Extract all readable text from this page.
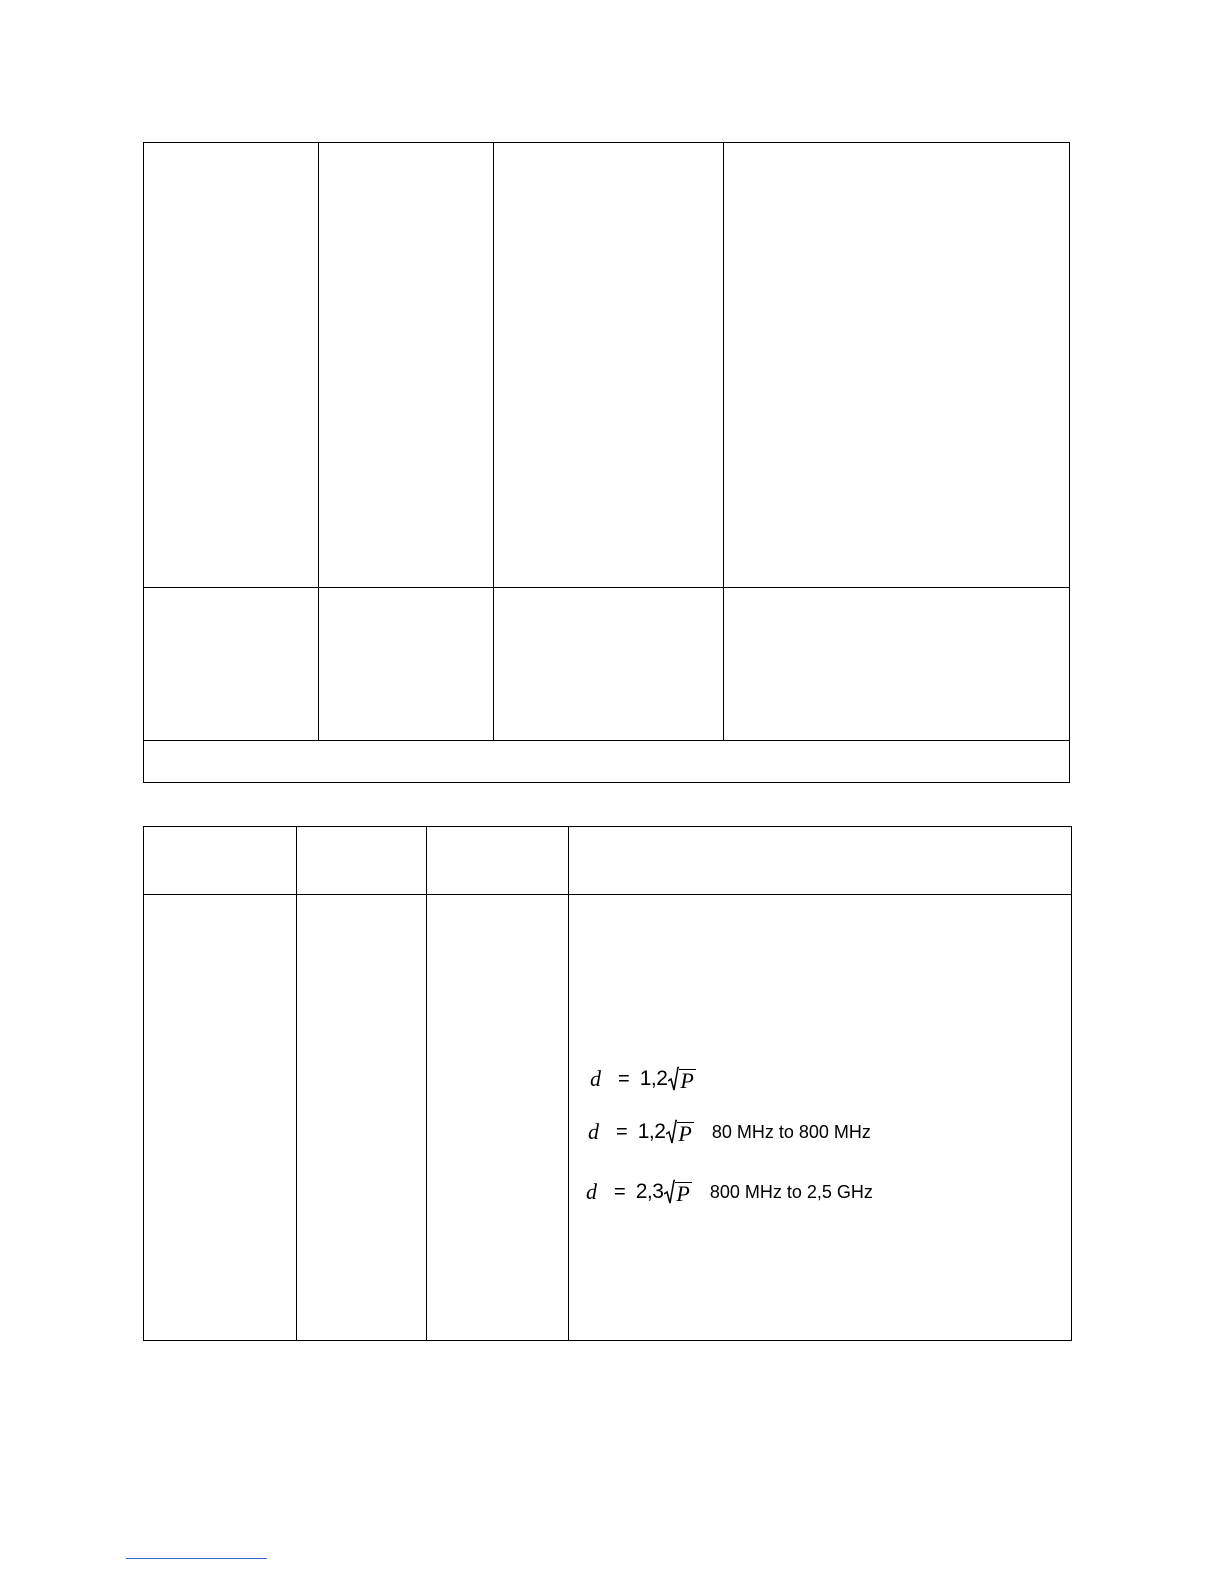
d = 1,2 P
d = 1,2 P 80 MHz to 800 MHz
d = 2,3 P 800 MHz to 2,5 GHz
